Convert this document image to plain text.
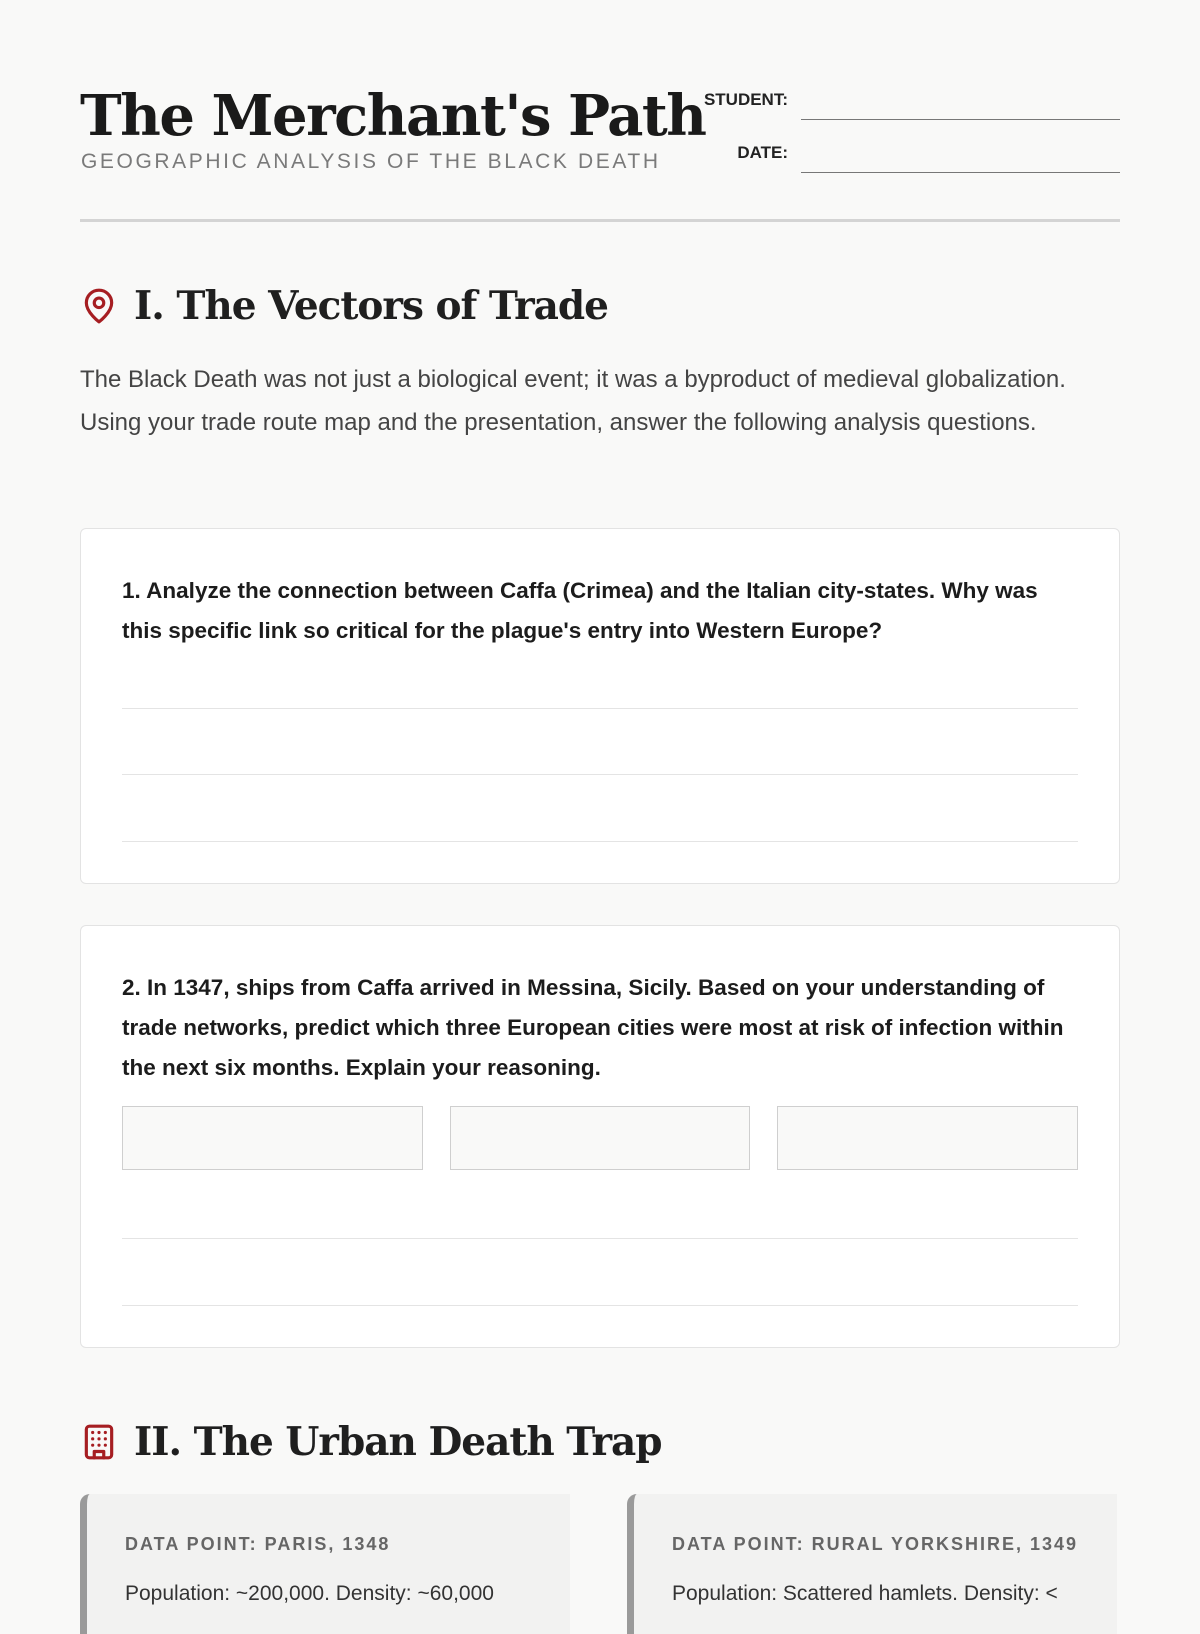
The Merchant's Path
GEOGRAPHIC ANALYSIS OF THE BLACK DEATH
STUDENT:
DATE:
I. The Vectors of Trade

The Black Death was not just a biological event; it was a byproduct of medieval globalization. Using your trade route map and the presentation, answer the following analysis questions.

1. Analyze the connection between Caffa (Crimea) and the Italian city-states. Why was this specific link so critical for the plague's entry into Western Europe?

2. In 1347, ships from Caffa arrived in Messina, Sicily. Based on your understanding of trade networks, predict which three European cities were most at risk of infection within the next six months. Explain your reasoning.

II. The Urban Death Trap
DATA POINT: PARIS, 1348

Population: ~200,000. Density: ~60,000

DATA POINT: RURAL YORKSHIRE, 1349

Population: Scattered hamlets. Density: <
